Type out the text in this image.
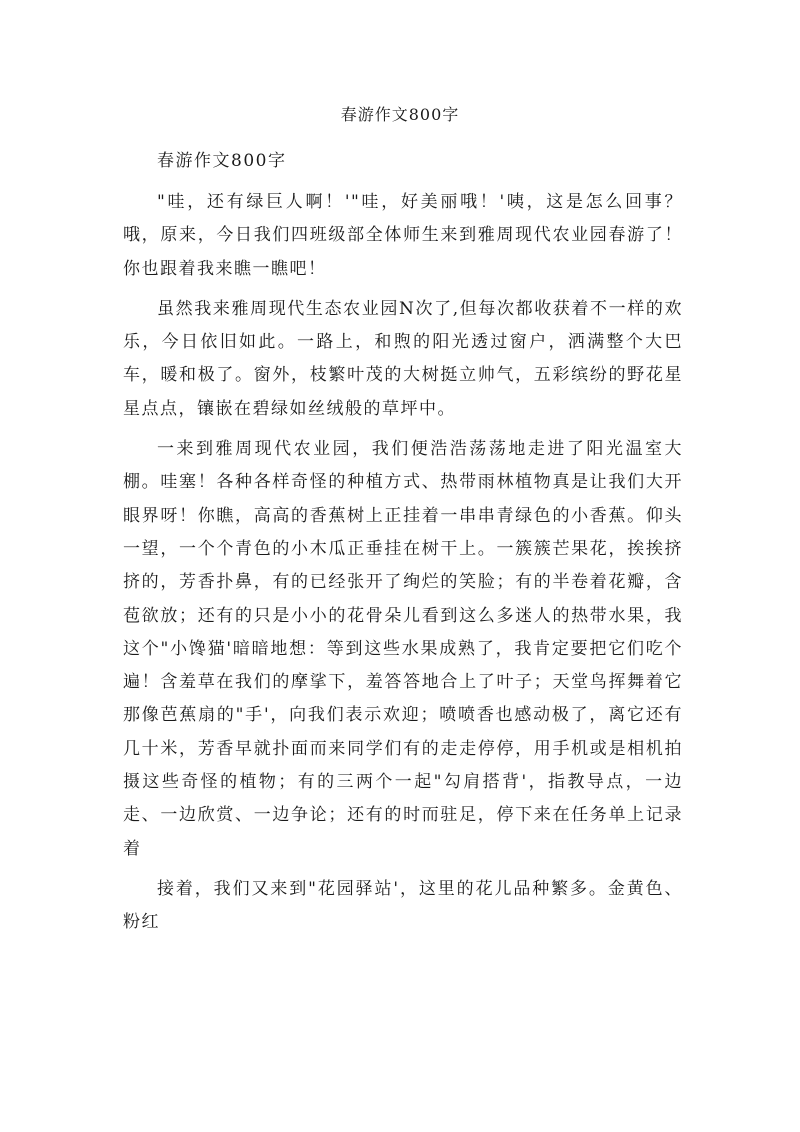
春游作文800字

春游作文800字

"哇，还有绿巨人啊！'"哇，好美丽哦！'咦，这是怎么回事？哦，原来，今日我们四班级部全体师生来到雅周现代农业园春游了！你也跟着我来瞧一瞧吧！

虽然我来雅周现代生态农业园N次了,但每次都收获着不一样的欢乐，今日依旧如此。一路上，和煦的阳光透过窗户，洒满整个大巴车，暖和极了。窗外，枝繁叶茂的大树挺立帅气，五彩缤纷的野花星星点点，镶嵌在碧绿如丝绒般的草坪中。

一来到雅周现代农业园，我们便浩浩荡荡地走进了阳光温室大棚。哇塞！各种各样奇怪的种植方式、热带雨林植物真是让我们大开眼界呀！你瞧，高高的香蕉树上正挂着一串串青绿色的小香蕉。仰头一望，一个个青色的小木瓜正垂挂在树干上。一簇簇芒果花，挨挨挤挤的，芳香扑鼻，有的已经张开了绚烂的笑脸；有的半卷着花瓣，含苞欲放；还有的只是小小的花骨朵儿看到这么多迷人的热带水果，我这个"小馋猫'暗暗地想：等到这些水果成熟了，我肯定要把它们吃个遍！含羞草在我们的摩挲下，羞答答地合上了叶子；天堂鸟挥舞着它那像芭蕉扇的"手'，向我们表示欢迎；喷喷香也感动极了，离它还有几十米，芳香早就扑面而来同学们有的走走停停，用手机或是相机拍摄这些奇怪的植物；有的三两个一起"勾肩搭背'，指教导点，一边走、一边欣赏、一边争论；还有的时而驻足，停下来在任务单上记录着

接着，我们又来到"花园驿站'，这里的花儿品种繁多。金黄色、粉红
